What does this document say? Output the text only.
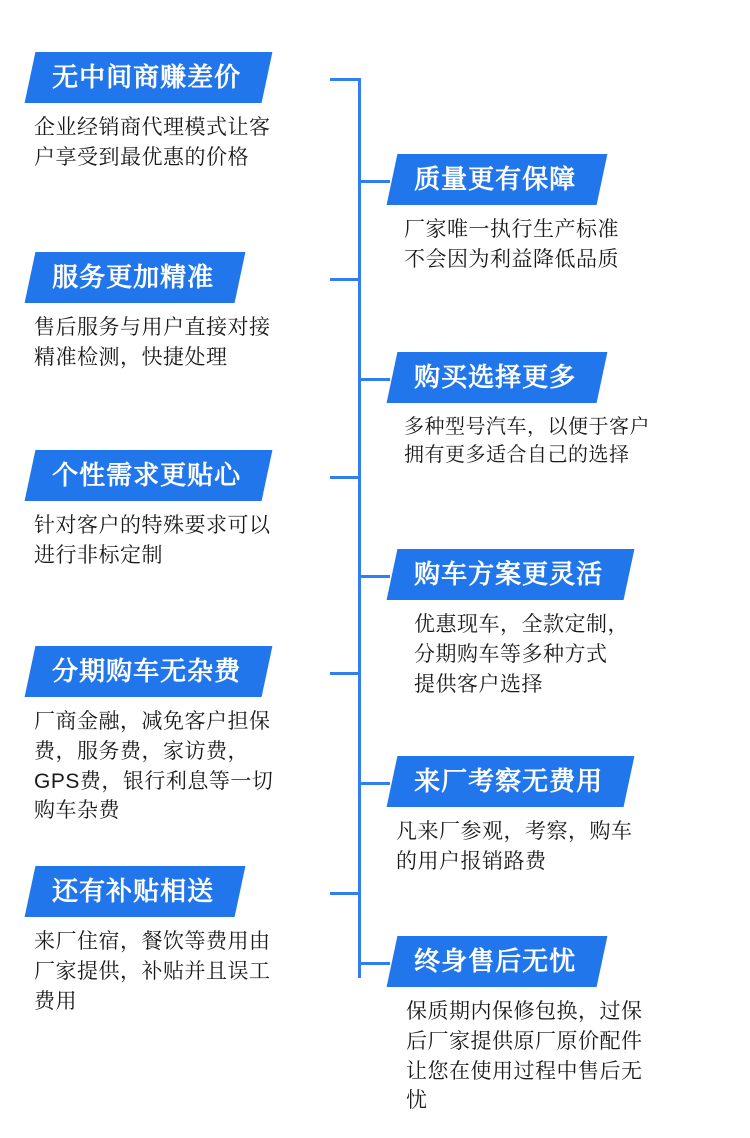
无中间商赚差价
企业经销商代理模式让客
户享受到最优惠的价格
服务更加精准
售后服务与用户直接对接
精准检测，快捷处理
个性需求更贴心
针对客户的特殊要求可以
进行非标定制
分期购车无杂费
厂商金融，减免客户担保
费，服务费，家访费，
GPS费，银行利息等一切
购车杂费
还有补贴相送
来厂住宿，餐饮等费用由
厂家提供，补贴并且误工
费用
质量更有保障
厂家唯一执行生产标准
不会因为利益降低品质
购买选择更多
多种型号汽车，以便于客户
拥有更多适合自己的选择
购车方案更灵活
优惠现车，全款定制，
分期购车等多种方式
提供客户选择
来厂考察无费用
凡来厂参观，考察，购车
的用户报销路费
终身售后无忧
保质期内保修包换，过保
后厂家提供原厂原价配件
让您在使用过程中售后无
忧
